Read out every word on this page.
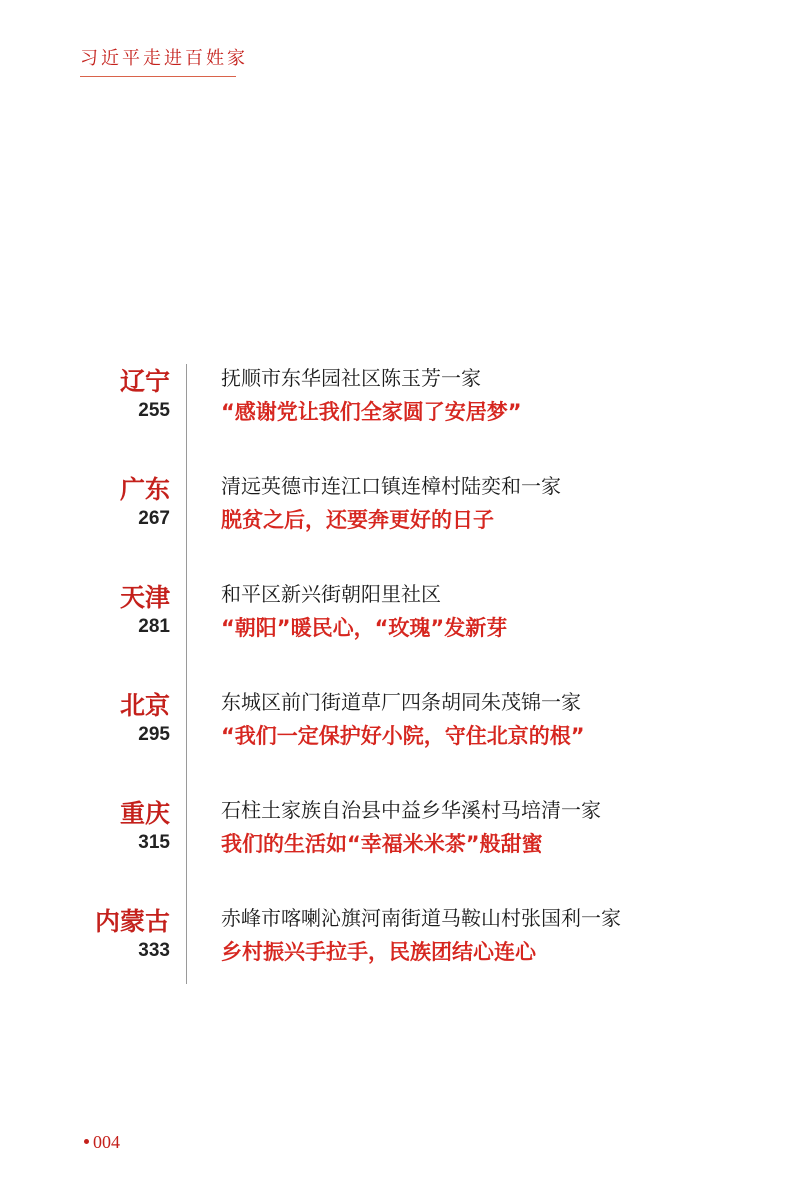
习近平走进百姓家
辽宁
255
抚顺市东华园社区陈玉芳一家
“感谢党让我们全家圆了安居梦”
广东
267
清远英德市连江口镇连樟村陆奕和一家
脱贫之后，还要奔更好的日子
天津
281
和平区新兴街朝阳里社区
“朝阳”暖民心，“玫瑰”发新芽
北京
295
东城区前门街道草厂四条胡同朱茂锦一家
“我们一定保护好小院，守住北京的根”
重庆
315
石柱土家族自治县中益乡华溪村马培清一家
我们的生活如“幸福米米茶”般甜蜜
内蒙古
333
赤峰市喀喇沁旗河南街道马鞍山村张国利一家
乡村振兴手拉手，民族团结心连心
004
